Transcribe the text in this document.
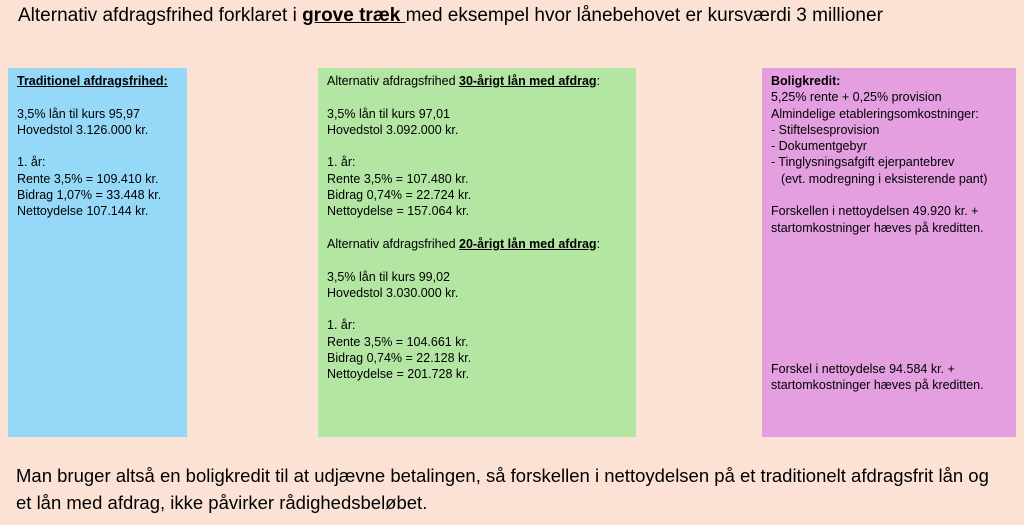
Alternativ afdragsfrihed forklaret i grove træk med eksempel hvor lånebehovet er kursværdi 3 millioner
Traditionel afdragsfrihed:
3,5% lån til kurs 95,97
Hovedstol 3.126.000 kr.
1. år:
Rente 3,5% = 109.410 kr.
Bidrag 1,07% = 33.448 kr.
Nettoydelse 107.144 kr.
Alternativ afdragsfrihed 30-årigt lån med afdrag:
3,5% lån til kurs 97,01
Hovedstol 3.092.000 kr.
1. år:
Rente 3,5% = 107.480 kr.
Bidrag 0,74% = 22.724 kr.
Nettoydelse = 157.064 kr.
Alternativ afdragsfrihed 20-årigt lån med afdrag:
3,5% lån til kurs 99,02
Hovedstol 3.030.000 kr.
1. år:
Rente 3,5% = 104.661 kr.
Bidrag 0,74% = 22.128 kr.
Nettoydelse = 201.728 kr.
Boligkredit:
5,25% rente + 0,25% provision
Almindelige etableringsomkostninger:
- Stiftelsesprovision
- Dokumentgebyr
- Tinglysningsafgift ejerpantebrev
(evt. modregning i eksisterende pant)
Forskellen i nettoydelsen 49.920 kr. +
startomkostninger hæves på kreditten.
Forskel i nettoydelse 94.584 kr. +
startomkostninger hæves på kreditten.
Man bruger altså en boligkredit til at udjævne betalingen, så forskellen i nettoydelsen på et traditionelt afdragsfrit lån og et lån med afdrag, ikke påvirker rådighedsbeløbet.
